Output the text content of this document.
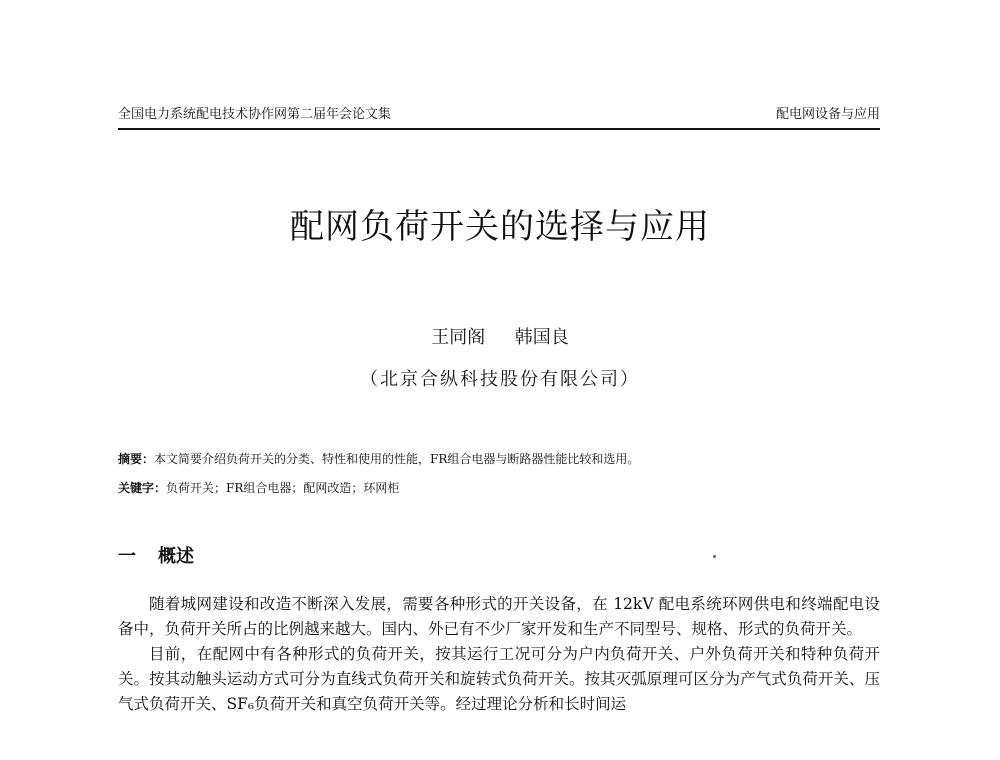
全国电力系统配电技术协作网第二届年会论文集	配电网设备与应用
配网负荷开关的选择与应用
王同阁 韩国良
（北京合纵科技股份有限公司）
摘要：本文简要介绍负荷开关的分类、特性和使用的性能，FR组合电器与断路器性能比较和选用。
关键字：负荷开关；FR组合电器；配网改造；环网柜
一 概述

随着城网建设和改造不断深入发展，需要各种形式的开关设备，在 12kV 配电系统环网供电和终端配电设备中，负荷开关所占的比例越来越大。国内、外已有不少厂家开发和生产不同型号、规格、形式的负荷开关。

目前，在配网中有各种形式的负荷开关，按其运行工况可分为户内负荷开关、户外负荷开关和特种负荷开关。按其动触头运动方式可分为直线式负荷开关和旋转式负荷开关。按其灭弧原理可区分为产气式负荷开关、压气式负荷开关、SF₆负荷开关和真空负荷开关等。经过理论分析和长时间运
